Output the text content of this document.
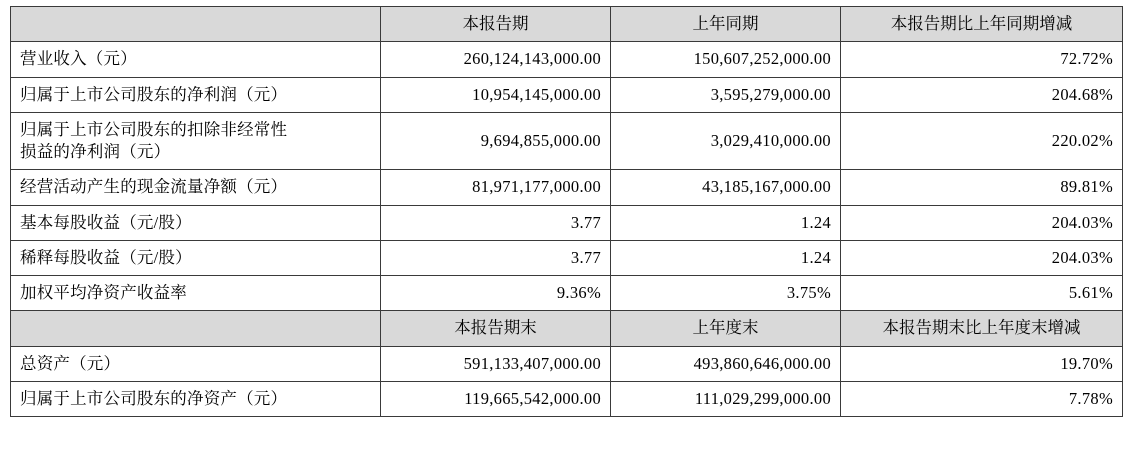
	本报告期	上年同期	本报告期比上年同期增减
营业收入（元）	260,124,143,000.00	150,607,252,000.00	72.72%
归属于上市公司股东的净利润（元）	10,954,145,000.00	3,595,279,000.00	204.68%

归属于上市公司股东的扣除非经常性
损益的净利润（元）	9,694,855,000.00	3,029,410,000.00	220.02%
经营活动产生的现金流量净额（元）	81,971,177,000.00	43,185,167,000.00	89.81%
基本每股收益（元/股）	3.77	1.24	204.03%
稀释每股收益（元/股）	3.77	1.24	204.03%
加权平均净资产收益率	9.36%	3.75%	5.61%
	本报告期末	上年度末	本报告期末比上年度末增减
总资产（元）	591,133,407,000.00	493,860,646,000.00	19.70%
归属于上市公司股东的净资产（元）	119,665,542,000.00	111,029,299,000.00	7.78%
